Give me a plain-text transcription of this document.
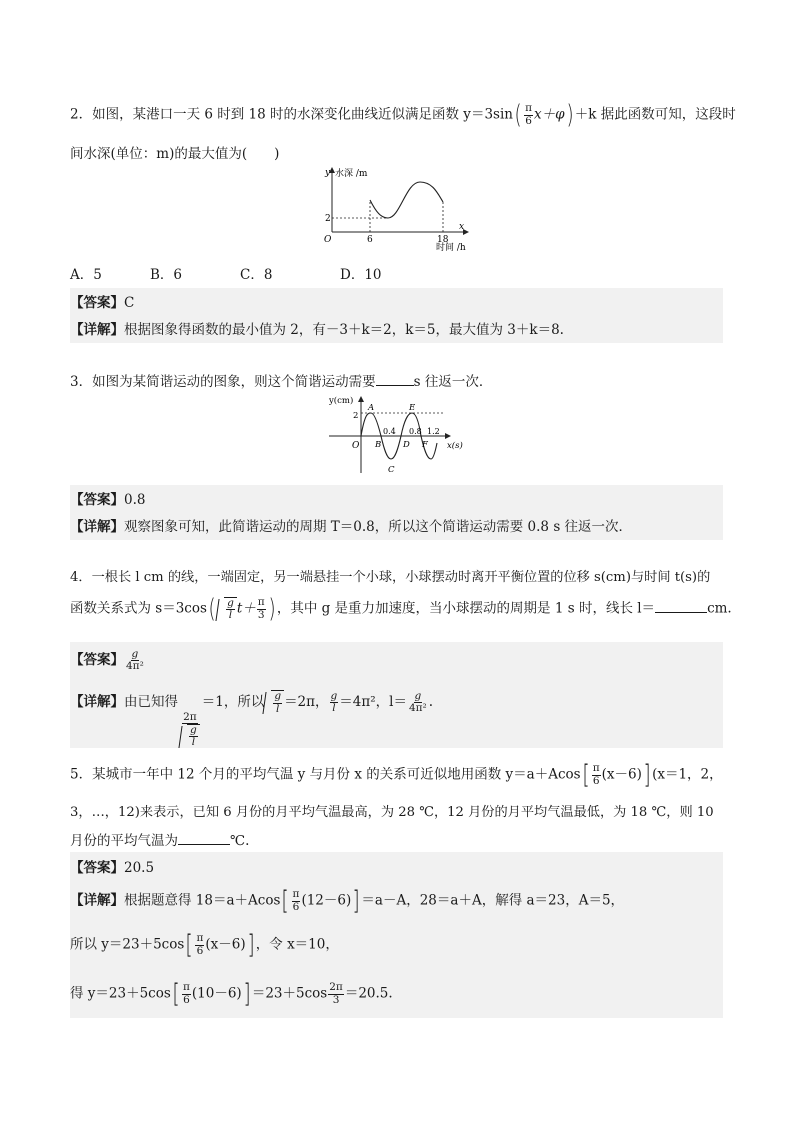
2．如图，某港口一天 6 时到 18 时的水深变化曲线近似满足函数 $y=3\sin( \frac{\pi}{6} x+\varphi) +k$ 据此函数可知，这段时
间水深(单位：m)的最大值为(　　)
y 水深 /m
x
O
2
6	18
时间 /h
A．5	B．6	C．8	D．10
【答案】C
【详解】根据图象得函数的最小值为 2，有－3＋k＝2，k＝5，最大值为 3＋k＝8.
3．如图为某简谐运动的图象，则这个简谐运动需要	s 往返一次．
y(cm)
x(s)
O
2
A	E
B
C
D F
0.4 0.8 1.2
【答案】0.8
【详解】观察图象可知，此简谐运动的周期 T＝0.8，所以这个简谐运动需要 0.8 s 往返一次．
4．一根长 l cm 的线，一端固定，另一端悬挂一个小球，小球摆动时离开平衡位置的位移 s(cm)与时间 t(s)的
函数关系式为 $s=3\cos( \frac{g}{l} t+ \frac{\pi}{3}$ ) ，其中 g 是重力加速度，当小球摆动的周期是 1 s 时，线长 l＝	cm.
【答案】 $\frac{g}{\text{4π²}}$
【详解】由已知得
$\frac{2\pi}{\frac{g}{l}}$
＝1，所以 $\frac{g}{l} =2\pi$， $\frac{g}{l} =4\pi^2$，$l= \frac{g}{\text{4π²}}$ .
5．某城市一年中 12 个月的平均气温 y 与月份 x 的关系可近似地用函数 $y=a+Acos[ \frac{\pi}{6} (x-6)]$ (x＝1，2，
3，…，12)来表示，已知 6 月份的月平均气温最高，为 28 ℃，12 月份的月平均气温最低，为 18 ℃，则 10
月份的平均气温为	℃.
【答案】20.5
【详解】根据题意得 $18=a+Acos[ \frac{\pi}{6} (12-6)] =a-A$，28＝a＋A，解得 a＝23，A＝5，
所以 $y=23+5\cos[ \frac{\pi}{6} (x-6)]$ ，令 x＝10，
得 $y=23+5\cos[ \frac{\pi}{6} (10-6)] =23+5\cos \frac{2\pi}{3} =20.5$.
